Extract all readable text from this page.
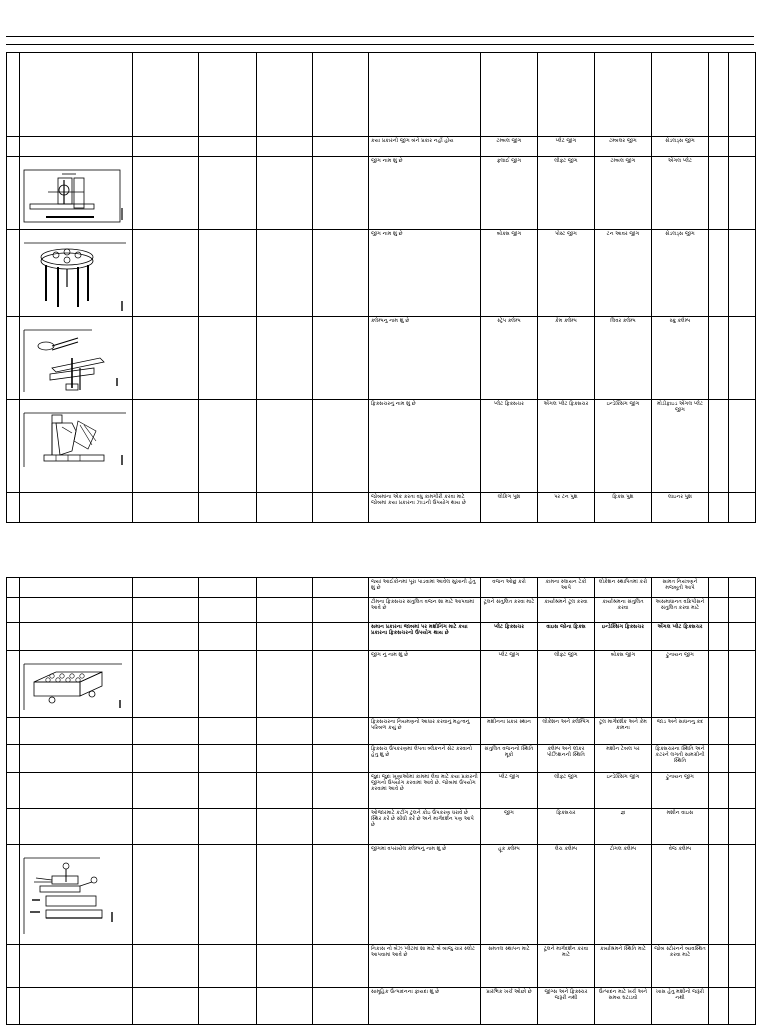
						કયા પ્રકારની જીગ બંને પ્રકાર નહીં હોય	ટમ્બલ જીગ	પ્લેટ જીગ	ટમ્બલર જીગ	સેડલડ્સ જીગ		

					જીગ નામ શું છે	ફ્લાઈ જીગ	લીફ્ટ જીગ	ટમ્બલ જીગ	એંગલ પ્લેટ		

					જીગ નામ શું છે	બોક્સ જીગ	પોસ્ટ જીગ	ટન આવર જીગ	સેડલડ્સ જીગ		

					ક્લેમ્પનુ નામ શું છે	સ્ટ્રેપ ક્લેમ્પ	કેમ ક્લેમ્પ	લિવર ક્લેમ્પ	સ્ક્રુ ક્લેમ્પ		

					ફિક્સચરનું નામ શું છે	પ્લેટ ફિક્સચર	એંગલ પ્લેટ ફિક્સચર	ઇન્ડેક્સિંગ જીગ	મોડીફાઇડ એંગલ પ્લેટ જીગ		
						જોબમાંના એક કરતા વધુ કામગીરી કરવા માટે જોબમાં કયા પ્રકારના ઝાડની ઉપયોગ થાય છે	લોકિંગ પુશ	પર ટન પુશ	ફિક્સ પુશ	લાઇનર પુશ		
						જ્યાં આઈકોનમાં પૂરા પાડવામાં આવેલ સુખાની હેતુ શું છે	વજન ઓછું કરો	કામના સ્લાયન ટેકો આપે	લોકેશન સ્થાપિતમાં કરો	સામત નિયંત્રણને મજબૂતી આપે		
						ટીમના ફિક્સચર સંતુલિત વજન શા માટે આપવામાં આવે છે	ટૂલને સંતુલિત કરવા માટે	કાર્યાશ્રમને ટૂલ કરવા	કાર્યાશ્રમના સંતુલિત કરવા	અસમાધાનત વક્રિપીસને સંતુલિત કરવા માટે		
						સમાન પ્રકારના જાબમાં પર મશીનિંગ માટે કયા પ્રકારના ફિક્સચરનો ઉપયોગ થાય છે	પ્લેટ ફિક્સચર	વાઇસ જોના ફિક્સ	ઇન્ડેક્સિંગ ફિક્સચર	એંગલ પ્લેટ ફિક્સચર		

					જીગ નું નામ શું છે	પ્લેટ જીગ	લીફ્ટ જીગ	બોક્સ જીગ	ટ્રુનાયન જીગ		
						ફિક્સચરના નિયમણનો આધાર કરવાનું મહત્વનું પરિબળ કયું છે	મશીનના પ્રકાર સ્થાન	લોકેશન અને ક્લેમ્પિંગ	ટૂલ માર્ગદર્શક અને કેમ કામના	જાડ અને સાધનનુ કદ		
						ફિક્સચ ઉપકરણમાં લેપતા બ્લેકનને સેટ કરવાનો હેતુ શું છે	સંતુલિત વજનનો સ્થિતિ મૂકો	ક્લેમ્પ અને લૉકર પોઝિશનની સ્થિતિ	મશીન ટેબલ પર	ફિક્સચરના સ્થિતિ અને કટરને લગતી સામગ્રીની સ્થિતિ		
						જુદા જુદા ખૂણાઓમાં કામમાં લેવા માટે કયા પ્રકારની જીગનો ઉપયોગ કરવામાં આવે છે. જોબમાં ઉપયોગ કરવામાં આવે છે	પ્લેટ જીગ	લીફ્ટ જીગ	ઇન્ડેક્સિંગ જીગ	ટ્રુનાયન જીગ		
						ઓજારમાટે કટીંગ ટુલને કોઇ ઉપકરણ ધરાવે છે સ્થિર કરે છે સીધી કરે છે અને માર્ગદર્શન પણ આપે છે	જીગ	ફિક્સચર	જ્ઞ	મશીન વાઇસ		

					જીગમાં વપરાયેલ ક્લેમ્પનું નામ શું છે	હૂક ક્લેમ્પ	લેચ ક્લેમ્પ	ટોગલ ક્લેમ્પ	વેજ ક્લેમ્પ		
						નિકાસ નો બેઝ પ્લેટમાં શા માટે બે બાજુ ચાર સ્લોટ આપવામાં આવે છે	સમતલ સ્થાપન માટે	ટૂલને માર્ગદર્શન કરવા માટે	કાર્યાશ્રમને સ્થિતિ માટે	જોબ સ્ટોરનને વ્યવસ્થિત કરવા માટે		
						સામૂહિક ઉત્પાદનના ફાયદા શું છે	પ્રારંભિક ખર્ચ ઓછો છે	જીગ્સ અને ફિક્સ્ચર જરૂરી નથી	ઉત્પાદન માટે ખર્ચ અને સમય ઘટાડવો	ખાસ હેતુ મશીનો જરૂરી નથી		
